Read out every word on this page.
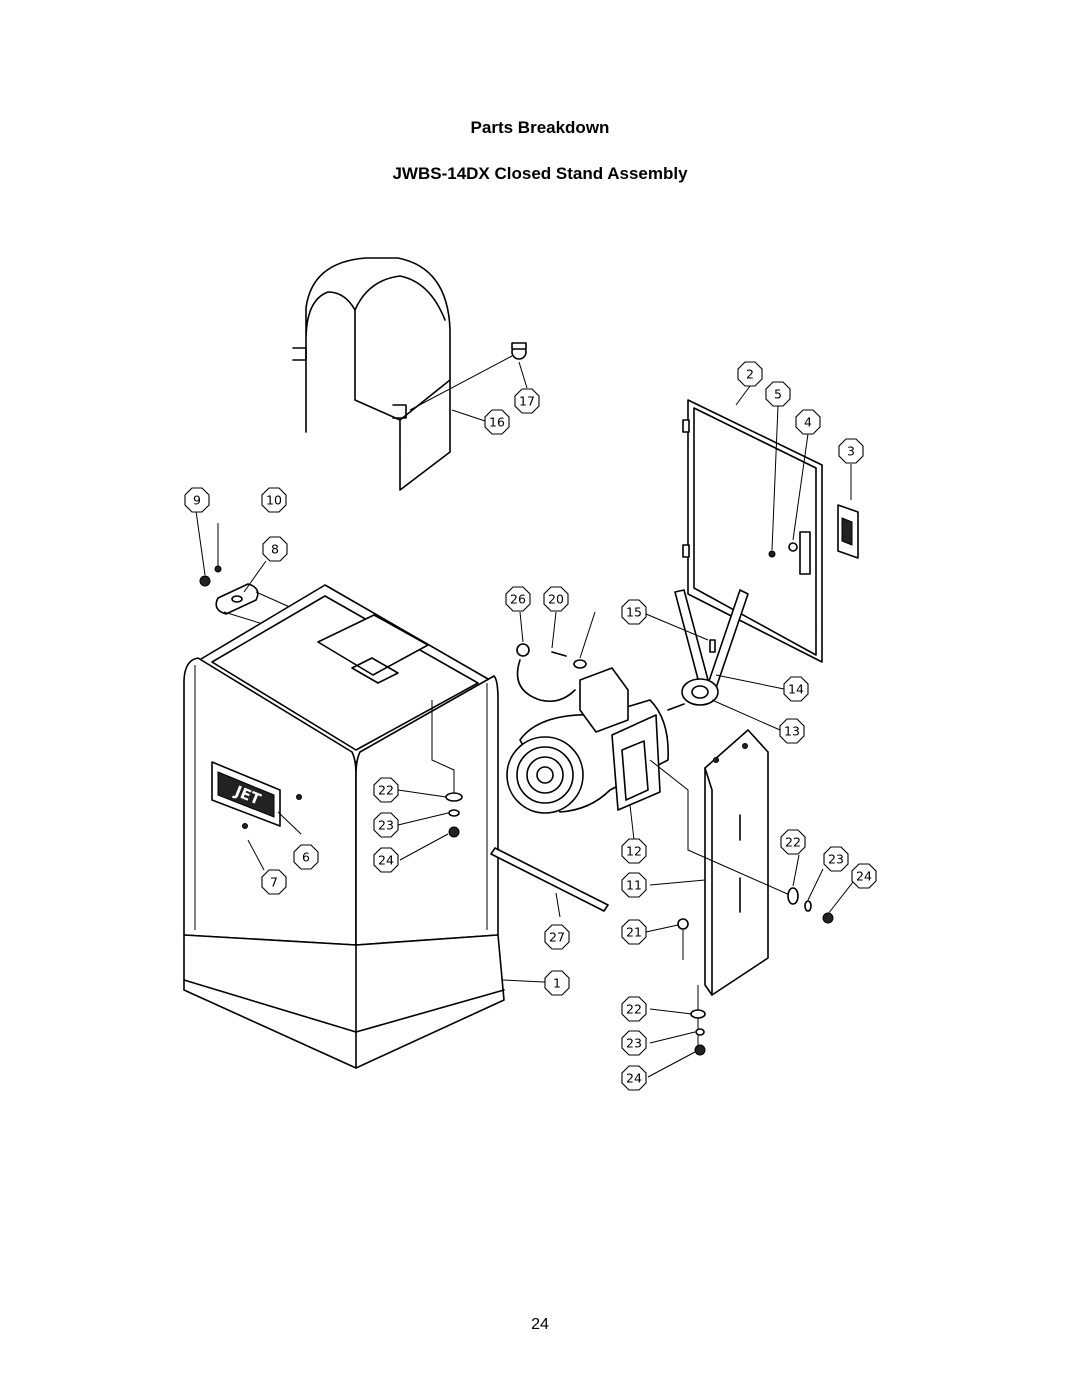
Parts Breakdown
JWBS-14DX Closed Stand Assembly
JET
1
2
3
4
5
6
7
8
9	10
11
12
13
14
15
16
17
20
21
22
22
22
23
23
23
24
24
24
26
27
24
